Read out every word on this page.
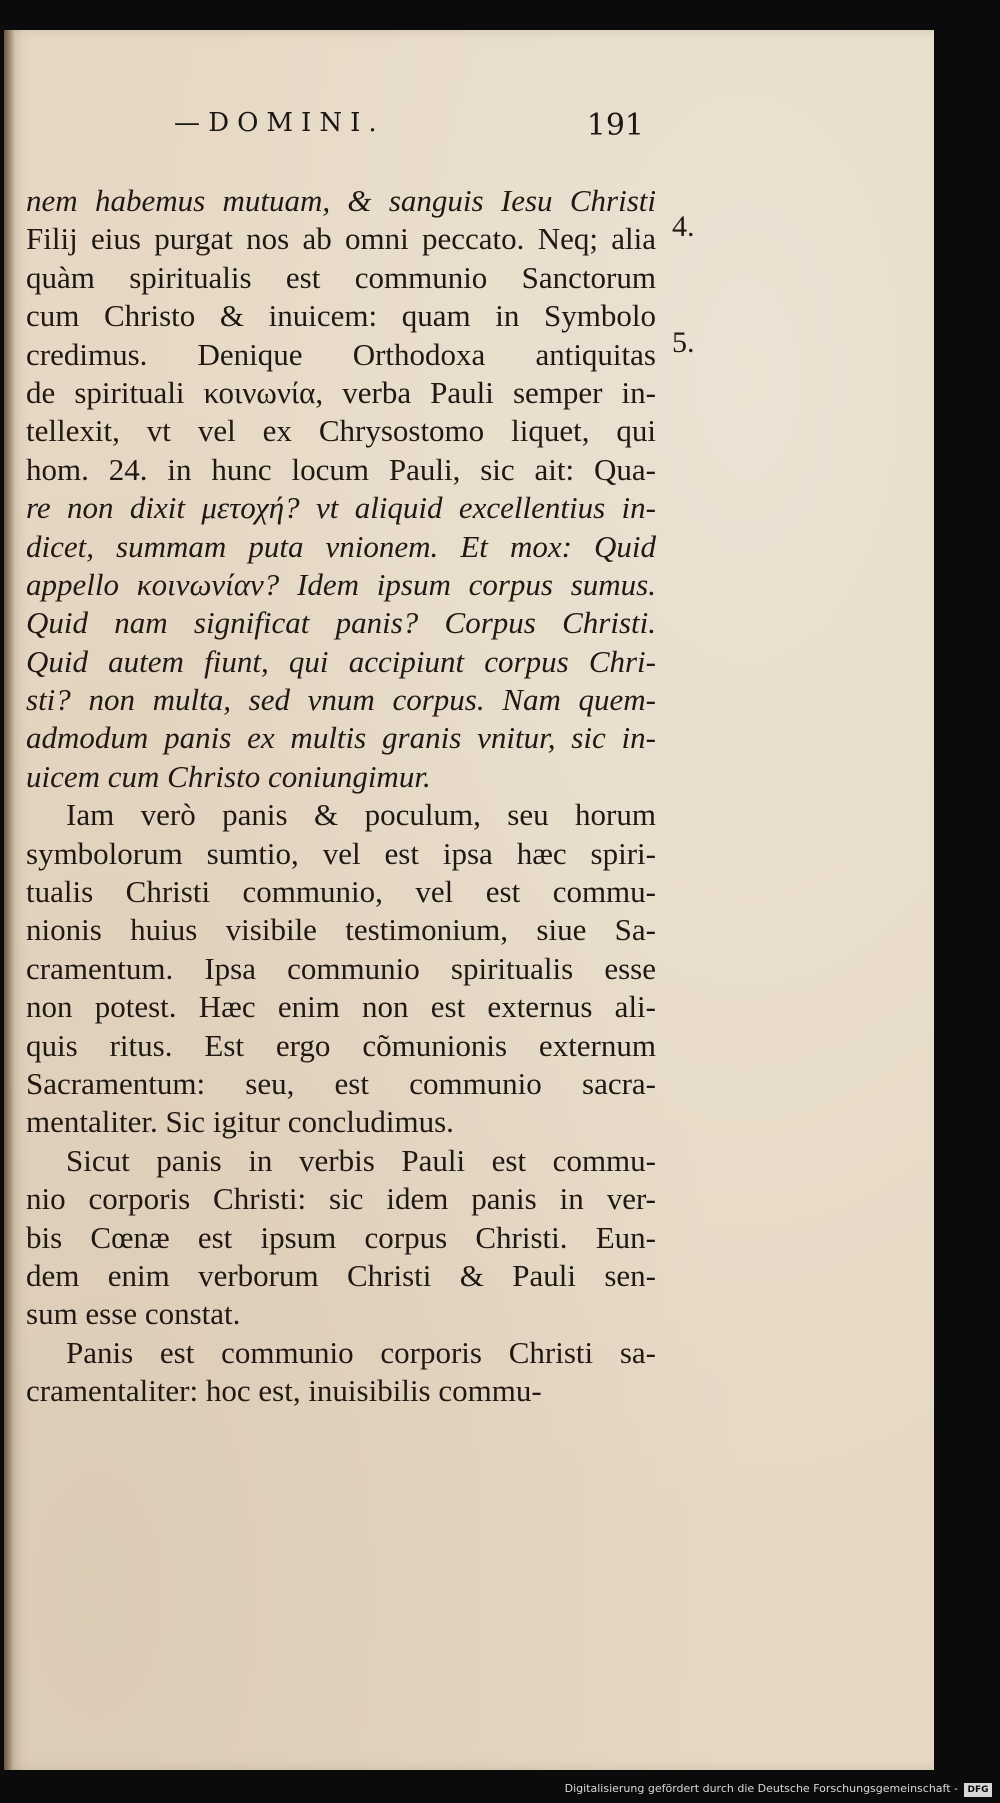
— DOMINI.	191
nem habemus mutuam, & sanguis Iesu Christi
Filij eius purgat nos ab omni peccato. Neq; alia
quàm spiritualis est communio Sanctorum
cum Christo & inuicem: quam in Symbolo
credimus. Denique Orthodoxa antiquitas
de spirituali κοινωνία, verba Pauli semper in-
tellexit, vt vel ex Chrysostomo liquet, qui
hom. 24. in hunc locum Pauli, sic ait: Qua-
re non dixit μετοχή? vt aliquid excellentius in-
dicet, summam puta vnionem. Et mox: Quid
appello κοινωνίαν? Idem ipsum corpus sumus.
Quid nam significat panis? Corpus Christi.
Quid autem fiunt, qui accipiunt corpus Chri-
sti? non multa, sed vnum corpus. Nam quem-
admodum panis ex multis granis vnitur, sic in-
uicem cum Christo coniungimur.
Iam verò panis & poculum, seu horum
symbolorum sumtio, vel est ipsa hæc spiri-
tualis Christi communio, vel est commu-
nionis huius visibile testimonium, siue Sa-
cramentum. Ipsa communio spiritualis esse
non potest. Hæc enim non est externus ali-
quis ritus. Est ergo cõmunionis externum
Sacramentum: seu, est communio sacra-
mentaliter. Sic igitur concludimus.
Sicut panis in verbis Pauli est commu-
nio corporis Christi: sic idem panis in ver-
bis Cœnæ est ipsum corpus Christi. Eun-
dem enim verborum Christi & Pauli sen-
sum esse constat.
Panis est communio corporis Christi sa-
cramentaliter: hoc est, inuisibilis commu-
4.
5.
Digitalisierung gefördert durch die Deutsche Forschungsgemeinschaft -	DFG
